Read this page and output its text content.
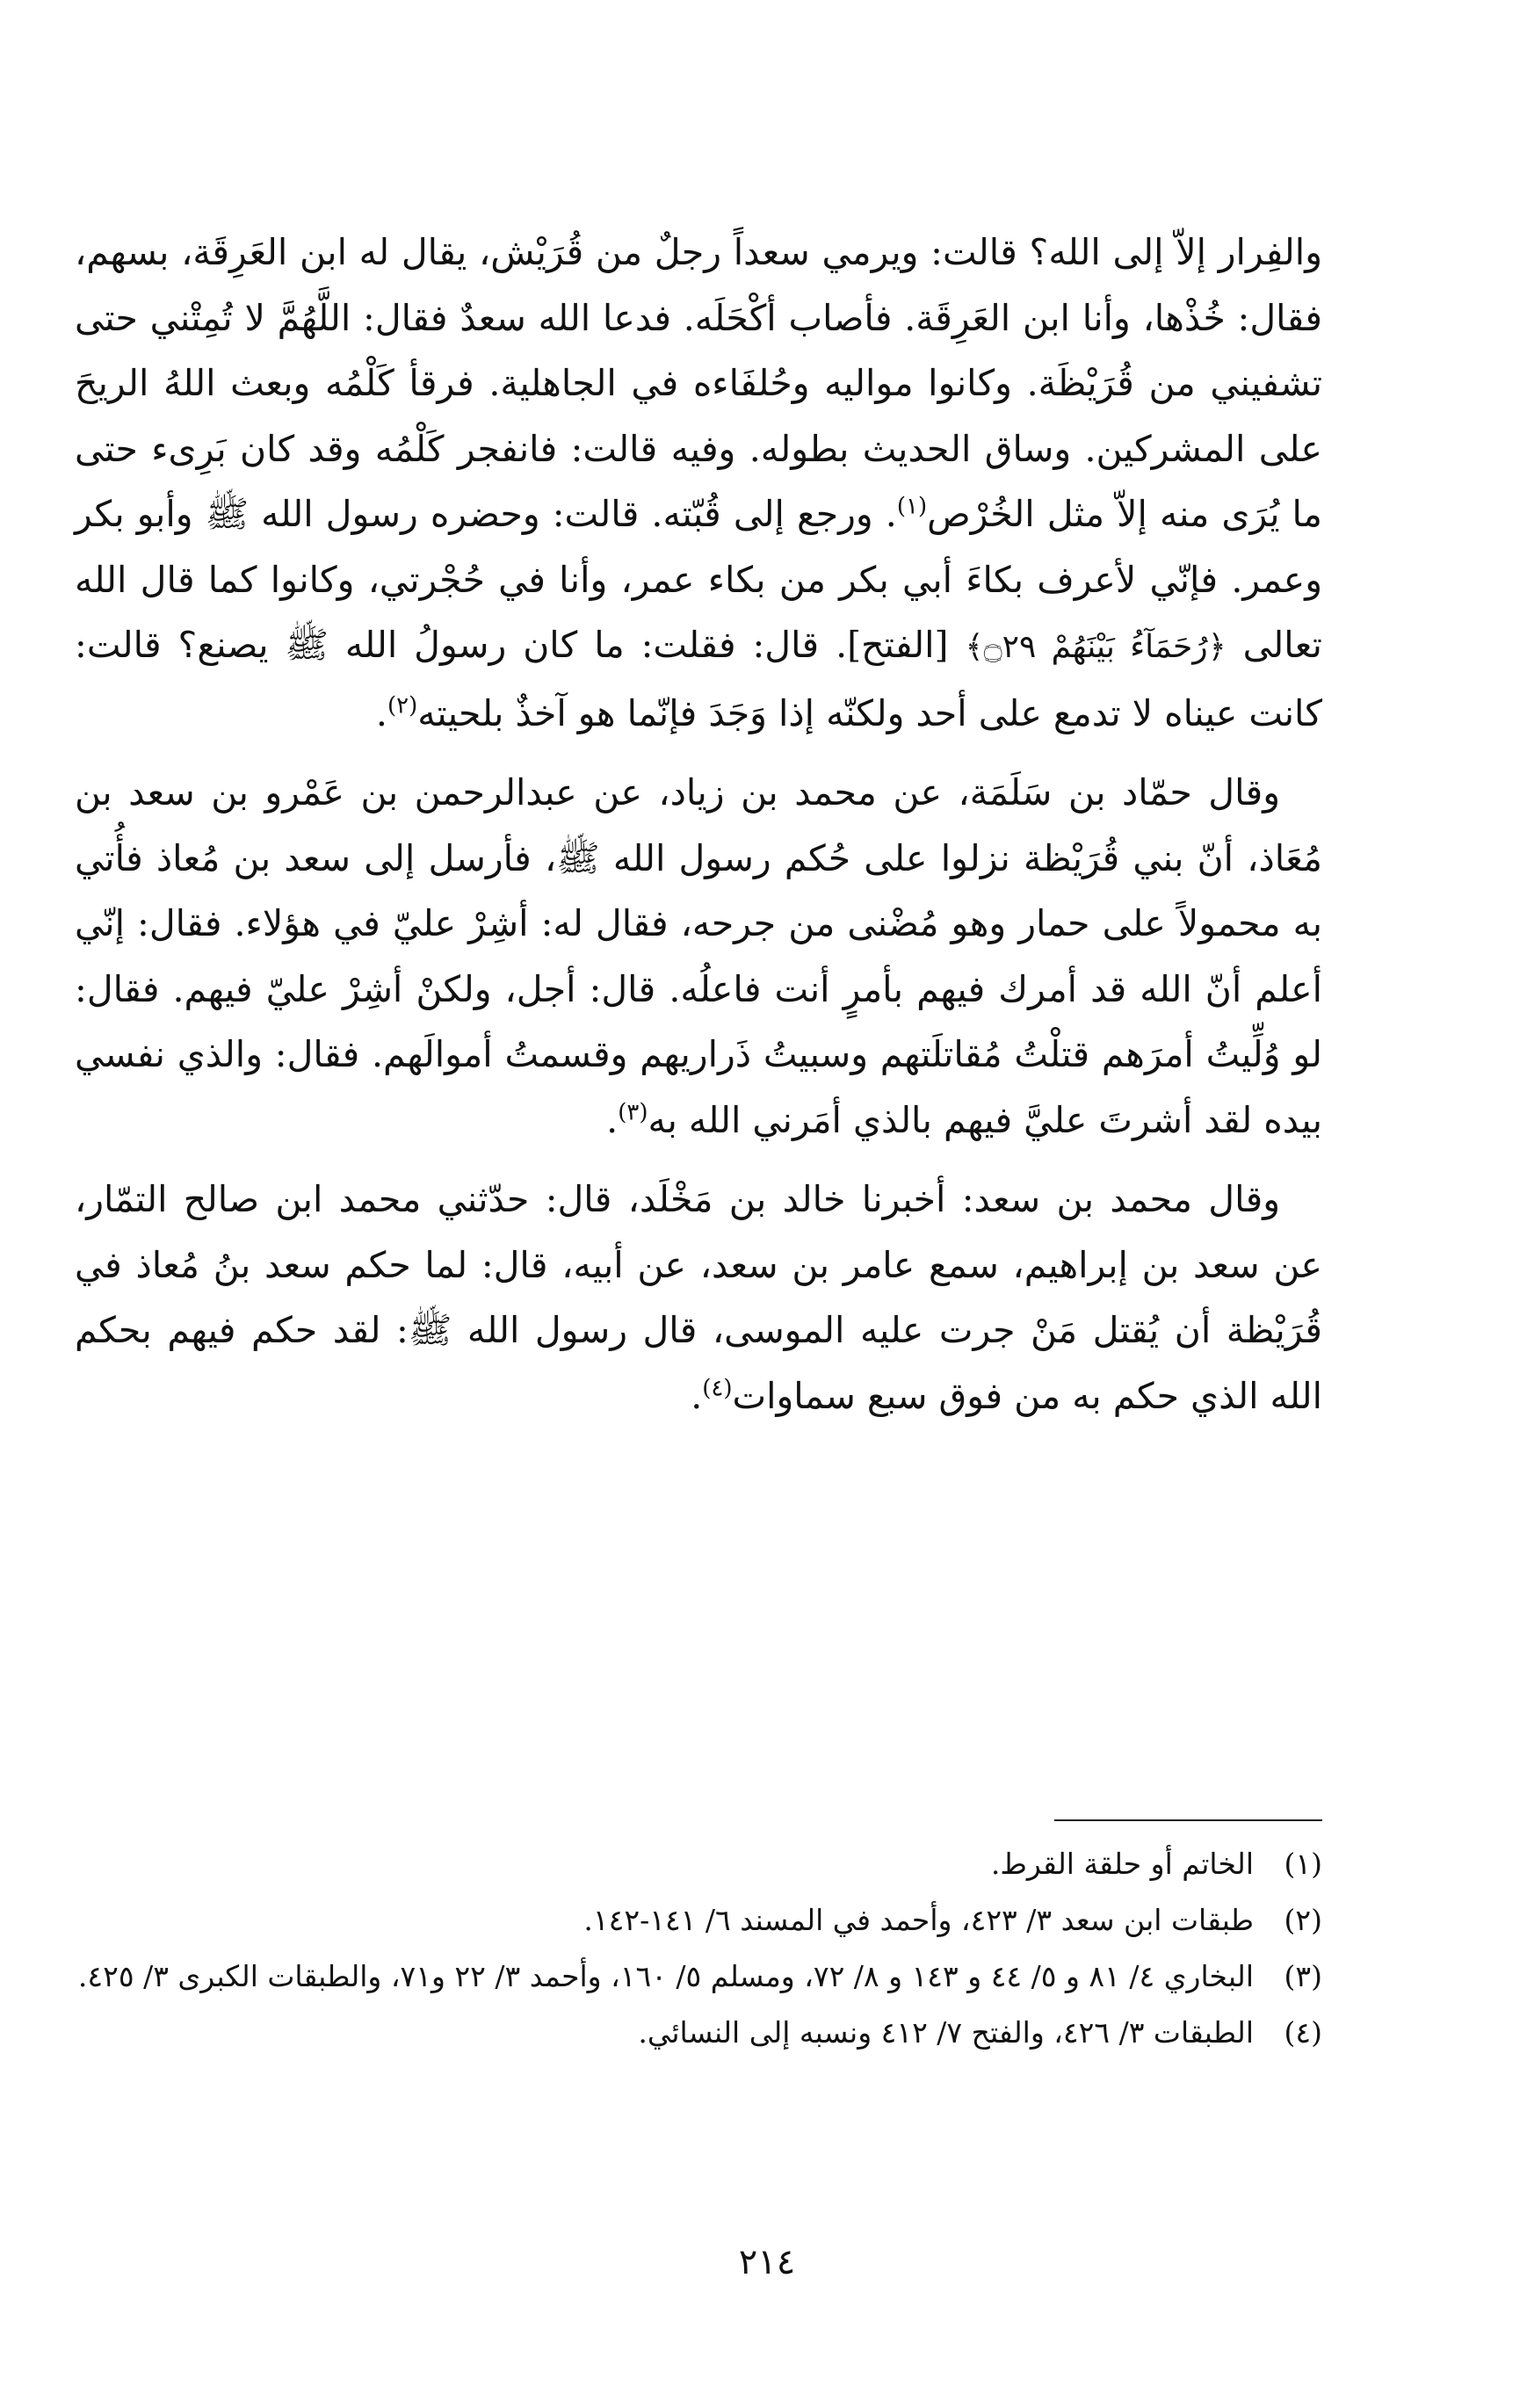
والفِرار إلاّ إلى الله؟ قالت: ويرمي سعداً رجلٌ من قُرَيْش، يقال له ابن العَرِقَة، بسهم، فقال: خُذْها، وأنا ابن العَرِقَة. فأصاب أكْحَلَه. فدعا الله سعدٌ فقال: اللَّهُمَّ لا تُمِتْني حتى تشفيني من قُرَيْظَة. وكانوا مواليه وحُلفَاءه في الجاهلية. فرقأ كَلْمُه وبعث اللهُ الريحَ على المشركين. وساق الحديث بطوله. وفيه قالت: فانفجر كَلْمُه وقد كان بَرِىء حتى ما يُرَى منه إلاّ مثل الخُرْص$^{(١)}$. ورجع إلى قُبّته. قالت: وحضره رسول الله ﷺ وأبو بكر وعمر. فإنّي لأعرف بكاءَ أبي بكر من بكاء عمر، وأنا في حُجْرتي، وكانوا كما قال الله تعالى ﴿رُحَمَآءُ بَيْنَهُمْ ۝٢٩﴾ [الفتح]. قال: فقلت: ما كان رسولُ الله ﷺ يصنع؟ قالت: كانت عيناه لا تدمع على أحد ولكنّه إذا وَجَدَ فإنّما هو آخذٌ بلحيته$^{(٢)}$.

وقال حمّاد بن سَلَمَة، عن محمد بن زياد، عن عبدالرحمن بن عَمْرو بن سعد بن مُعَاذ، أنّ بني قُرَيْظة نزلوا على حُكم رسول الله ﷺ، فأرسل إلى سعد بن مُعاذ فأُتي به محمولاً على حمار وهو مُضْنى من جرحه، فقال له: أشِرْ عليّ في هؤلاء. فقال: إنّي أعلم أنّ الله قد أمرك فيهم بأمرٍ أنت فاعلُه. قال: أجل، ولكنْ أشِرْ عليّ فيهم. فقال: لو وُلِّيتُ أمرَهم قتلْتُ مُقاتلَتهم وسبيتُ ذَراريهم وقسمتُ أموالَهم. فقال: والذي نفسي بيده لقد أشرتَ عليَّ فيهم بالذي أمَرني الله به$^{(٣)}$.

وقال محمد بن سعد: أخبرنا خالد بن مَخْلَد، قال: حدّثني محمد ابن صالح التمّار، عن سعد بن إبراهيم، سمع عامر بن سعد، عن أبيه، قال: لما حكم سعد بنُ مُعاذ في قُرَيْظة أن يُقتل مَنْ جرت عليه الموسى، قال رسول الله ﷺ: لقد حكم فيهم بحكم الله الذي حكم به من فوق سبع سماوات$^{(٤)}$.

(١)
الخاتم أو حلقة القرط.
(٢)
طبقات ابن سعد ٣/ ٤٢٣، وأحمد في المسند ٦/ ١٤١-١٤٢.
(٣)
البخاري ٤/ ٨١ و ٥/ ٤٤ و ١٤٣ و ٨/ ٧٢، ومسلم ٥/ ١٦٠، وأحمد ٣/ ٢٢ و٧١، والطبقات الكبرى ٣/ ٤٢٥.
(٤)
الطبقات ٣/ ٤٢٦، والفتح ٧/ ٤١٢ ونسبه إلى النسائي.
٢١٤
